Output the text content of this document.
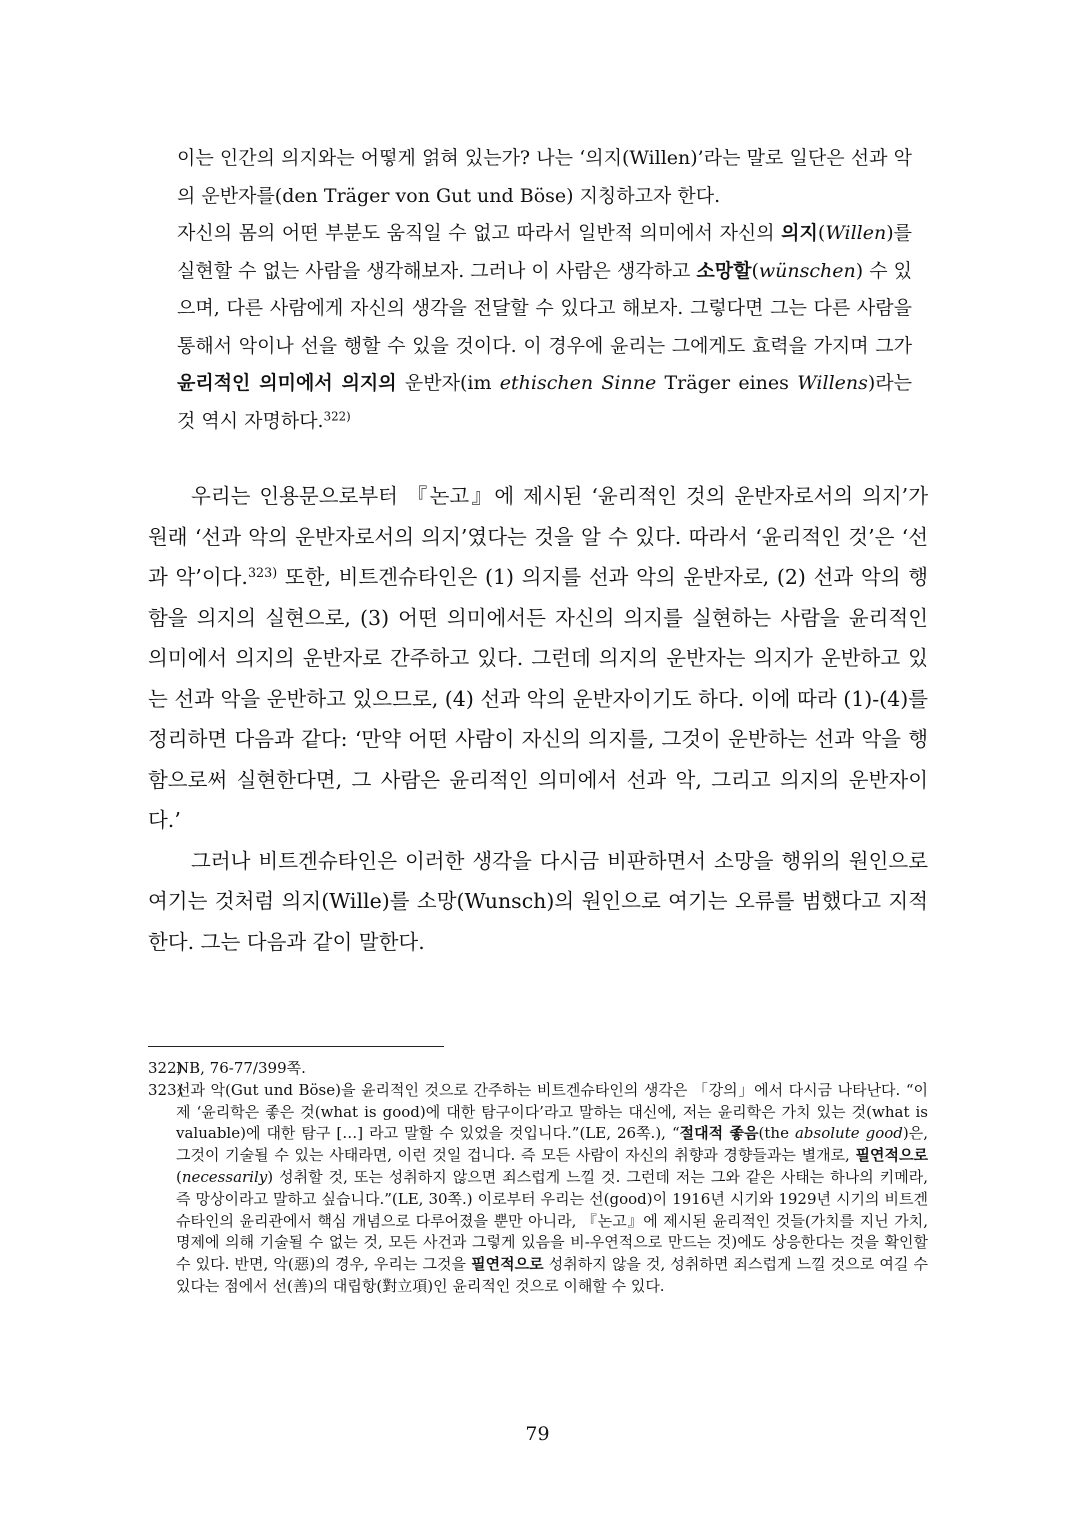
이는 인간의 의지와는 어떻게 얽혀 있는가? 나는 ‘의지(Willen)’라는 말로 일단은 선과 악의 운반자를(den Träger von Gut und Böse) 지칭하고자 한다.

자신의 몸의 어떤 부분도 움직일 수 없고 따라서 일반적 의미에서 자신의 의지(Willen)를 실현할 수 없는 사람을 생각해보자. 그러나 이 사람은 생각하고 소망할(wünschen) 수 있으며, 다른 사람에게 자신의 생각을 전달할 수 있다고 해보자. 그렇다면 그는 다른 사람을 통해서 악이나 선을 행할 수 있을 것이다. 이 경우에 윤리는 그에게도 효력을 가지며 그가 윤리적인 의미에서 의지의 운반자(im ethischen Sinne Träger eines Willens)라는 것 역시 자명하다.$^{322)}$

우리는 인용문으로부터 『논고』에 제시된 ‘윤리적인 것의 운반자로서의 의지’가 원래 ‘선과 악의 운반자로서의 의지’였다는 것을 알 수 있다. 따라서 ‘윤리적인 것’은 ‘선과 악’이다.$^{323)}$ 또한, 비트겐슈타인은 (1) 의지를 선과 악의 운반자로, (2) 선과 악의 행함을 의지의 실현으로, (3) 어떤 의미에서든 자신의 의지를 실현하는 사람을 윤리적인 의미에서 의지의 운반자로 간주하고 있다. 그런데 의지의 운반자는 의지가 운반하고 있는 선과 악을 운반하고 있으므로, (4) 선과 악의 운반자이기도 하다. 이에 따라 (1)-(4)를 정리하면 다음과 같다: ‘만약 어떤 사람이 자신의 의지를, 그것이 운반하는 선과 악을 행함으로써 실현한다면, 그 사람은 윤리적인 의미에서 선과 악, 그리고 의지의 운반자이다.’

그러나 비트겐슈타인은 이러한 생각을 다시금 비판하면서 소망을 행위의 원인으로 여기는 것처럼 의지(Wille)를 소망(Wunsch)의 원인으로 여기는 오류를 범했다고 지적한다. 그는 다음과 같이 말한다.

322)
NB, 76-77/399쪽.
323)
선과 악(Gut und Böse)을 윤리적인 것으로 간주하는 비트겐슈타인의 생각은 「강의」에서 다시금 나타난다. “이제 ‘윤리학은 좋은 것(what is good)에 대한 탐구이다’라고 말하는 대신에, 저는 윤리학은 가치 있는 것(what is valuable)에 대한 탐구 […] 라고 말할 수 있었을 것입니다.”(LE, 26쪽.), “절대적 좋음(the absolute good)은, 그것이 기술될 수 있는 사태라면, 이런 것일 겁니다. 즉 모든 사람이 자신의 취향과 경향들과는 별개로, 필연적으로(necessarily) 성취할 것, 또는 성취하지 않으면 죄스럽게 느낄 것. 그런데 저는 그와 같은 사태는 하나의 키메라, 즉 망상이라고 말하고 싶습니다.”(LE, 30쪽.) 이로부터 우리는 선(good)이 1916년 시기와 1929년 시기의 비트겐슈타인의 윤리관에서 핵심 개념으로 다루어졌을 뿐만 아니라, 『논고』에 제시된 윤리적인 것들(가치를 지닌 가치, 명제에 의해 기술될 수 없는 것, 모든 사건과 그렇게 있음을 비-우연적으로 만드는 것)에도 상응한다는 것을 확인할 수 있다. 반면, 악(惡)의 경우, 우리는 그것을 필연적으로 성취하지 않을 것, 성취하면 죄스럽게 느낄 것으로 여길 수 있다는 점에서 선(善)의 대립항(對立項)인 윤리적인 것으로 이해할 수 있다.
79
